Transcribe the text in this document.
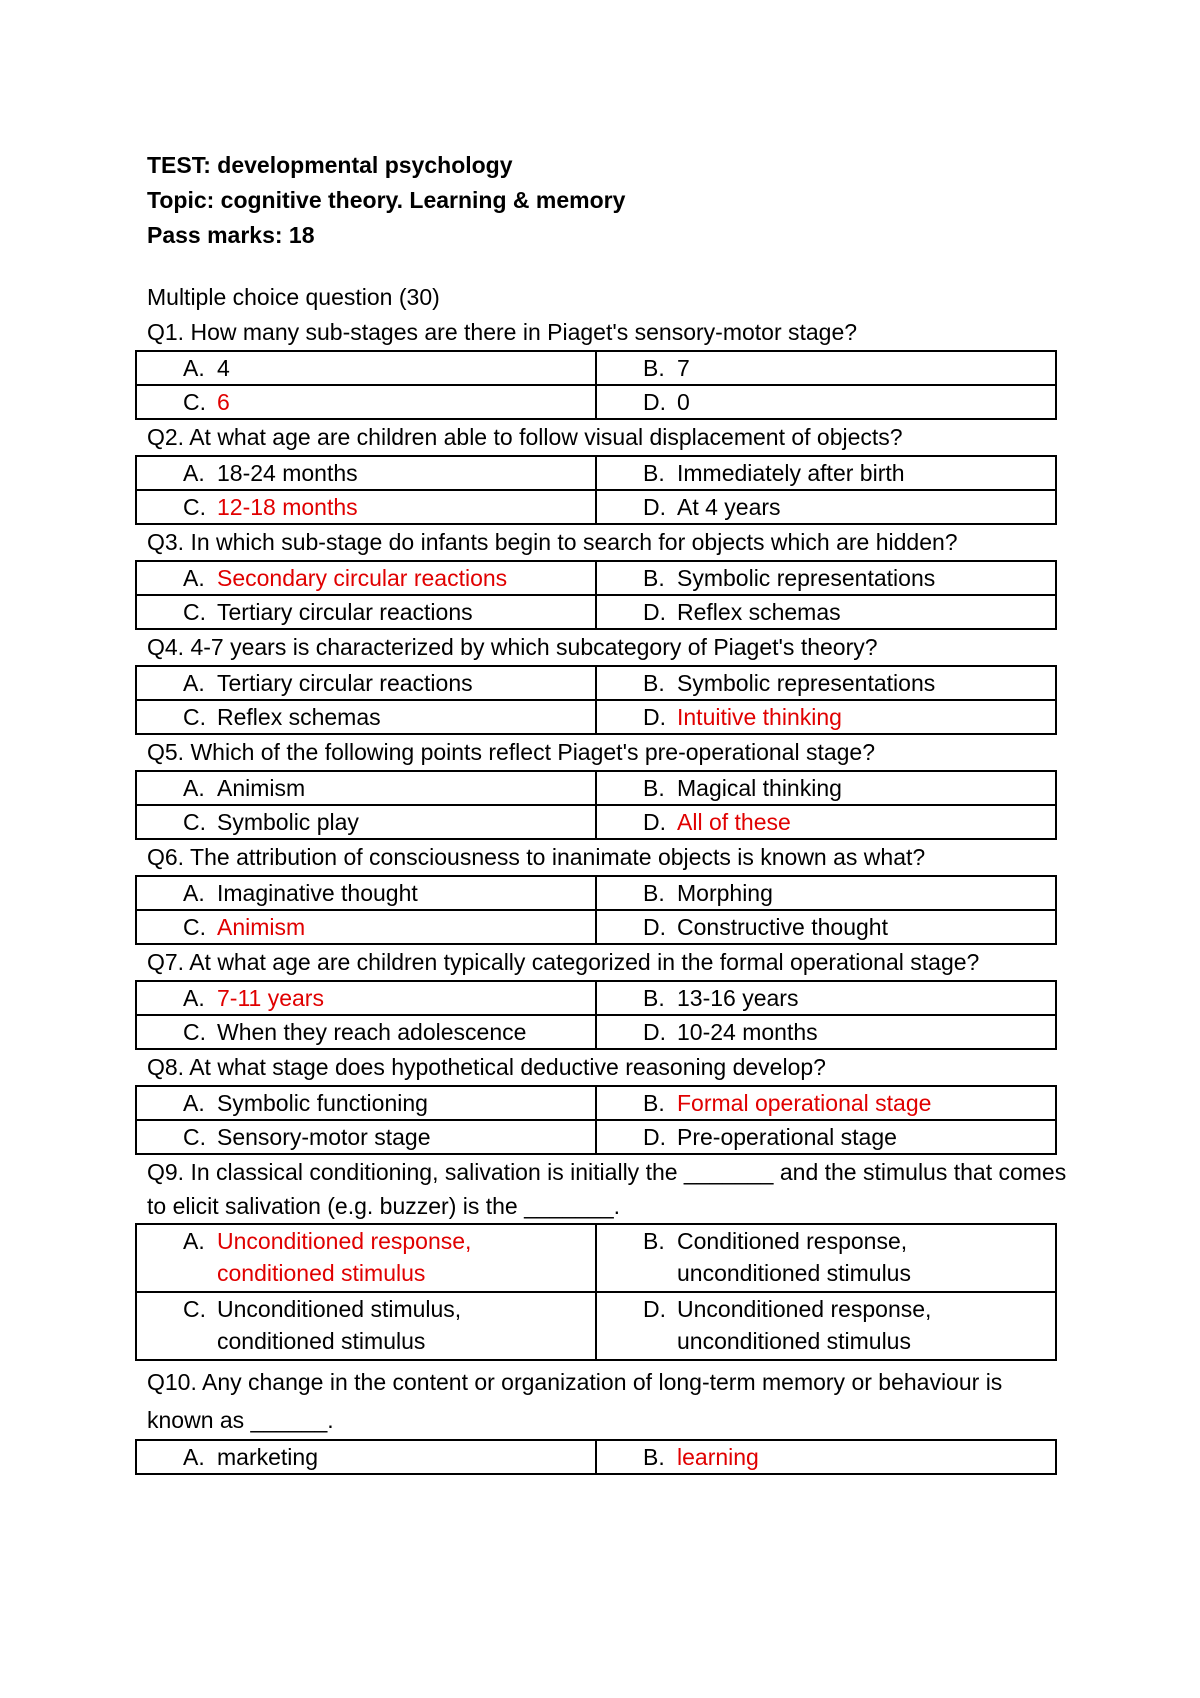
TEST: developmental psychology
Topic: cognitive theory. Learning & memory
Pass marks: 18
Multiple choice question (30)
Q1. How many sub-stages are there in Piaget's sensory-motor stage?
A. 4	B. 7
C. 6	D. 0
Q2. At what age are children able to follow visual displacement of objects?
A. 18-24 months	B. Immediately after birth
C. 12-18 months	D. At 4 years
Q3. In which sub-stage do infants begin to search for objects which are hidden?
A. Secondary circular reactions	B. Symbolic representations
C. Tertiary circular reactions	D. Reflex schemas
Q4. 4-7 years is characterized by which subcategory of Piaget's theory?
A. Tertiary circular reactions	B. Symbolic representations
C. Reflex schemas	D. Intuitive thinking
Q5. Which of the following points reflect Piaget's pre-operational stage?
A. Animism	B. Magical thinking
C. Symbolic play	D. All of these
Q6. The attribution of consciousness to inanimate objects is known as what?
A. Imaginative thought	B. Morphing
C. Animism	D. Constructive thought
Q7. At what age are children typically categorized in the formal operational stage?
A. 7-11 years	B. 13-16 years
C. When they reach adolescence	D. 10-24 months
Q8. At what stage does hypothetical deductive reasoning develop?
A. Symbolic functioning	B. Formal operational stage
C. Sensory-motor stage	D. Pre-operational stage
Q9. In classical conditioning, salivation is initially the _______ and the stimulus that comes to elicit salivation (e.g. buzzer) is the _______.
A. Unconditioned response, conditioned stimulus	B. Conditioned response, unconditioned stimulus
C. Unconditioned stimulus, conditioned stimulus	D. Unconditioned response, unconditioned stimulus
Q10. Any change in the content or organization of long-term memory or behaviour is known as ______.
A. marketing	B. learning
